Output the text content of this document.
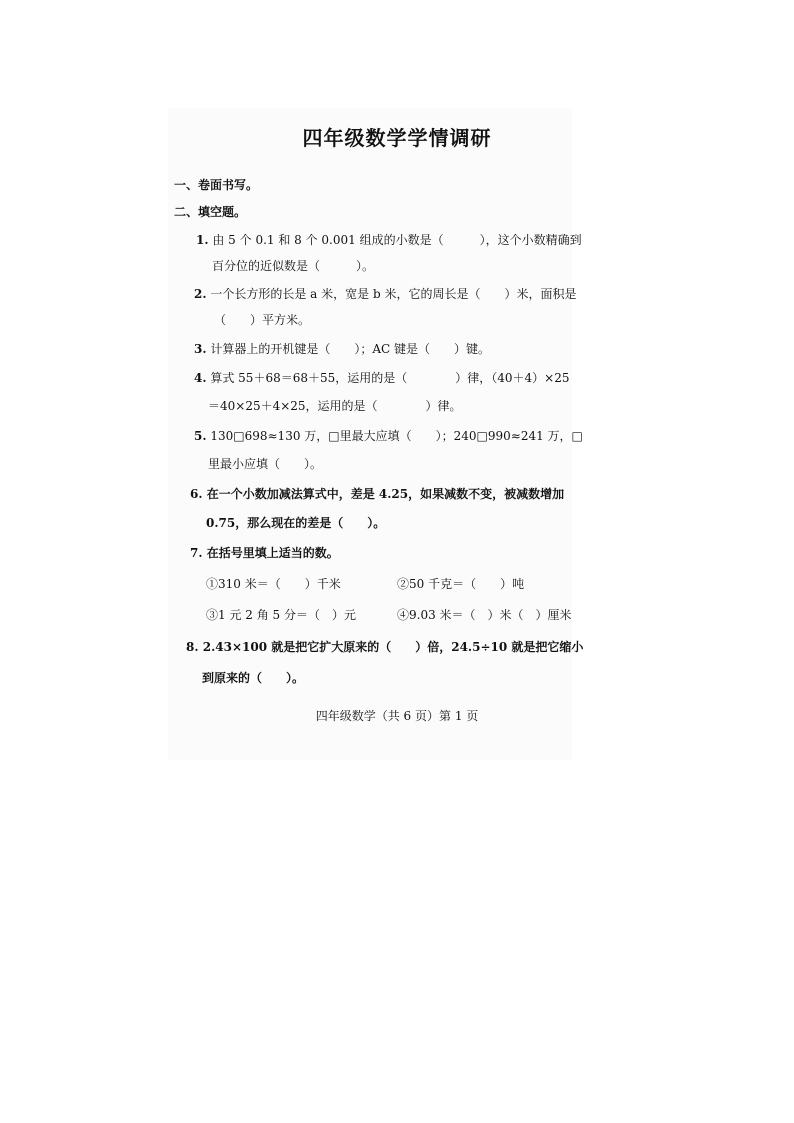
四年级数学学情调研
一、卷面书写。
二、填空题。
1. 由 5 个 0.1 和 8 个 0.001 组成的小数是（　　　），这个小数精确到
百分位的近似数是（　　　）。
2. 一个长方形的长是 a 米，宽是 b 米，它的周长是（　　）米，面积是
（　　）平方米。
3. 计算器上的开机键是（　　）；AC 键是（　　）键。
4. 算式 55＋68＝68＋55，运用的是（　　　　）律，（40＋4）×25
＝40×25＋4×25，运用的是（　　　　）律。
5. 130□698≈130 万，□里最大应填（　　）；240□990≈241 万，□
里最小应填（　　）。
6. 在一个小数加减法算式中，差是 4.25，如果减数不变，被减数增加
0.75，那么现在的差是（　　）。
7. 在括号里填上适当的数。
①310 米＝（　　）千米	②50 千克＝（　　）吨
③1 元 2 角 5 分＝（　）元	④9.03 米＝（　）米（　）厘米
8. 2.43×100 就是把它扩大原来的（　　）倍，24.5÷10 就是把它缩小
到原来的（　　）。
四年级数学（共 6 页）第 1 页
